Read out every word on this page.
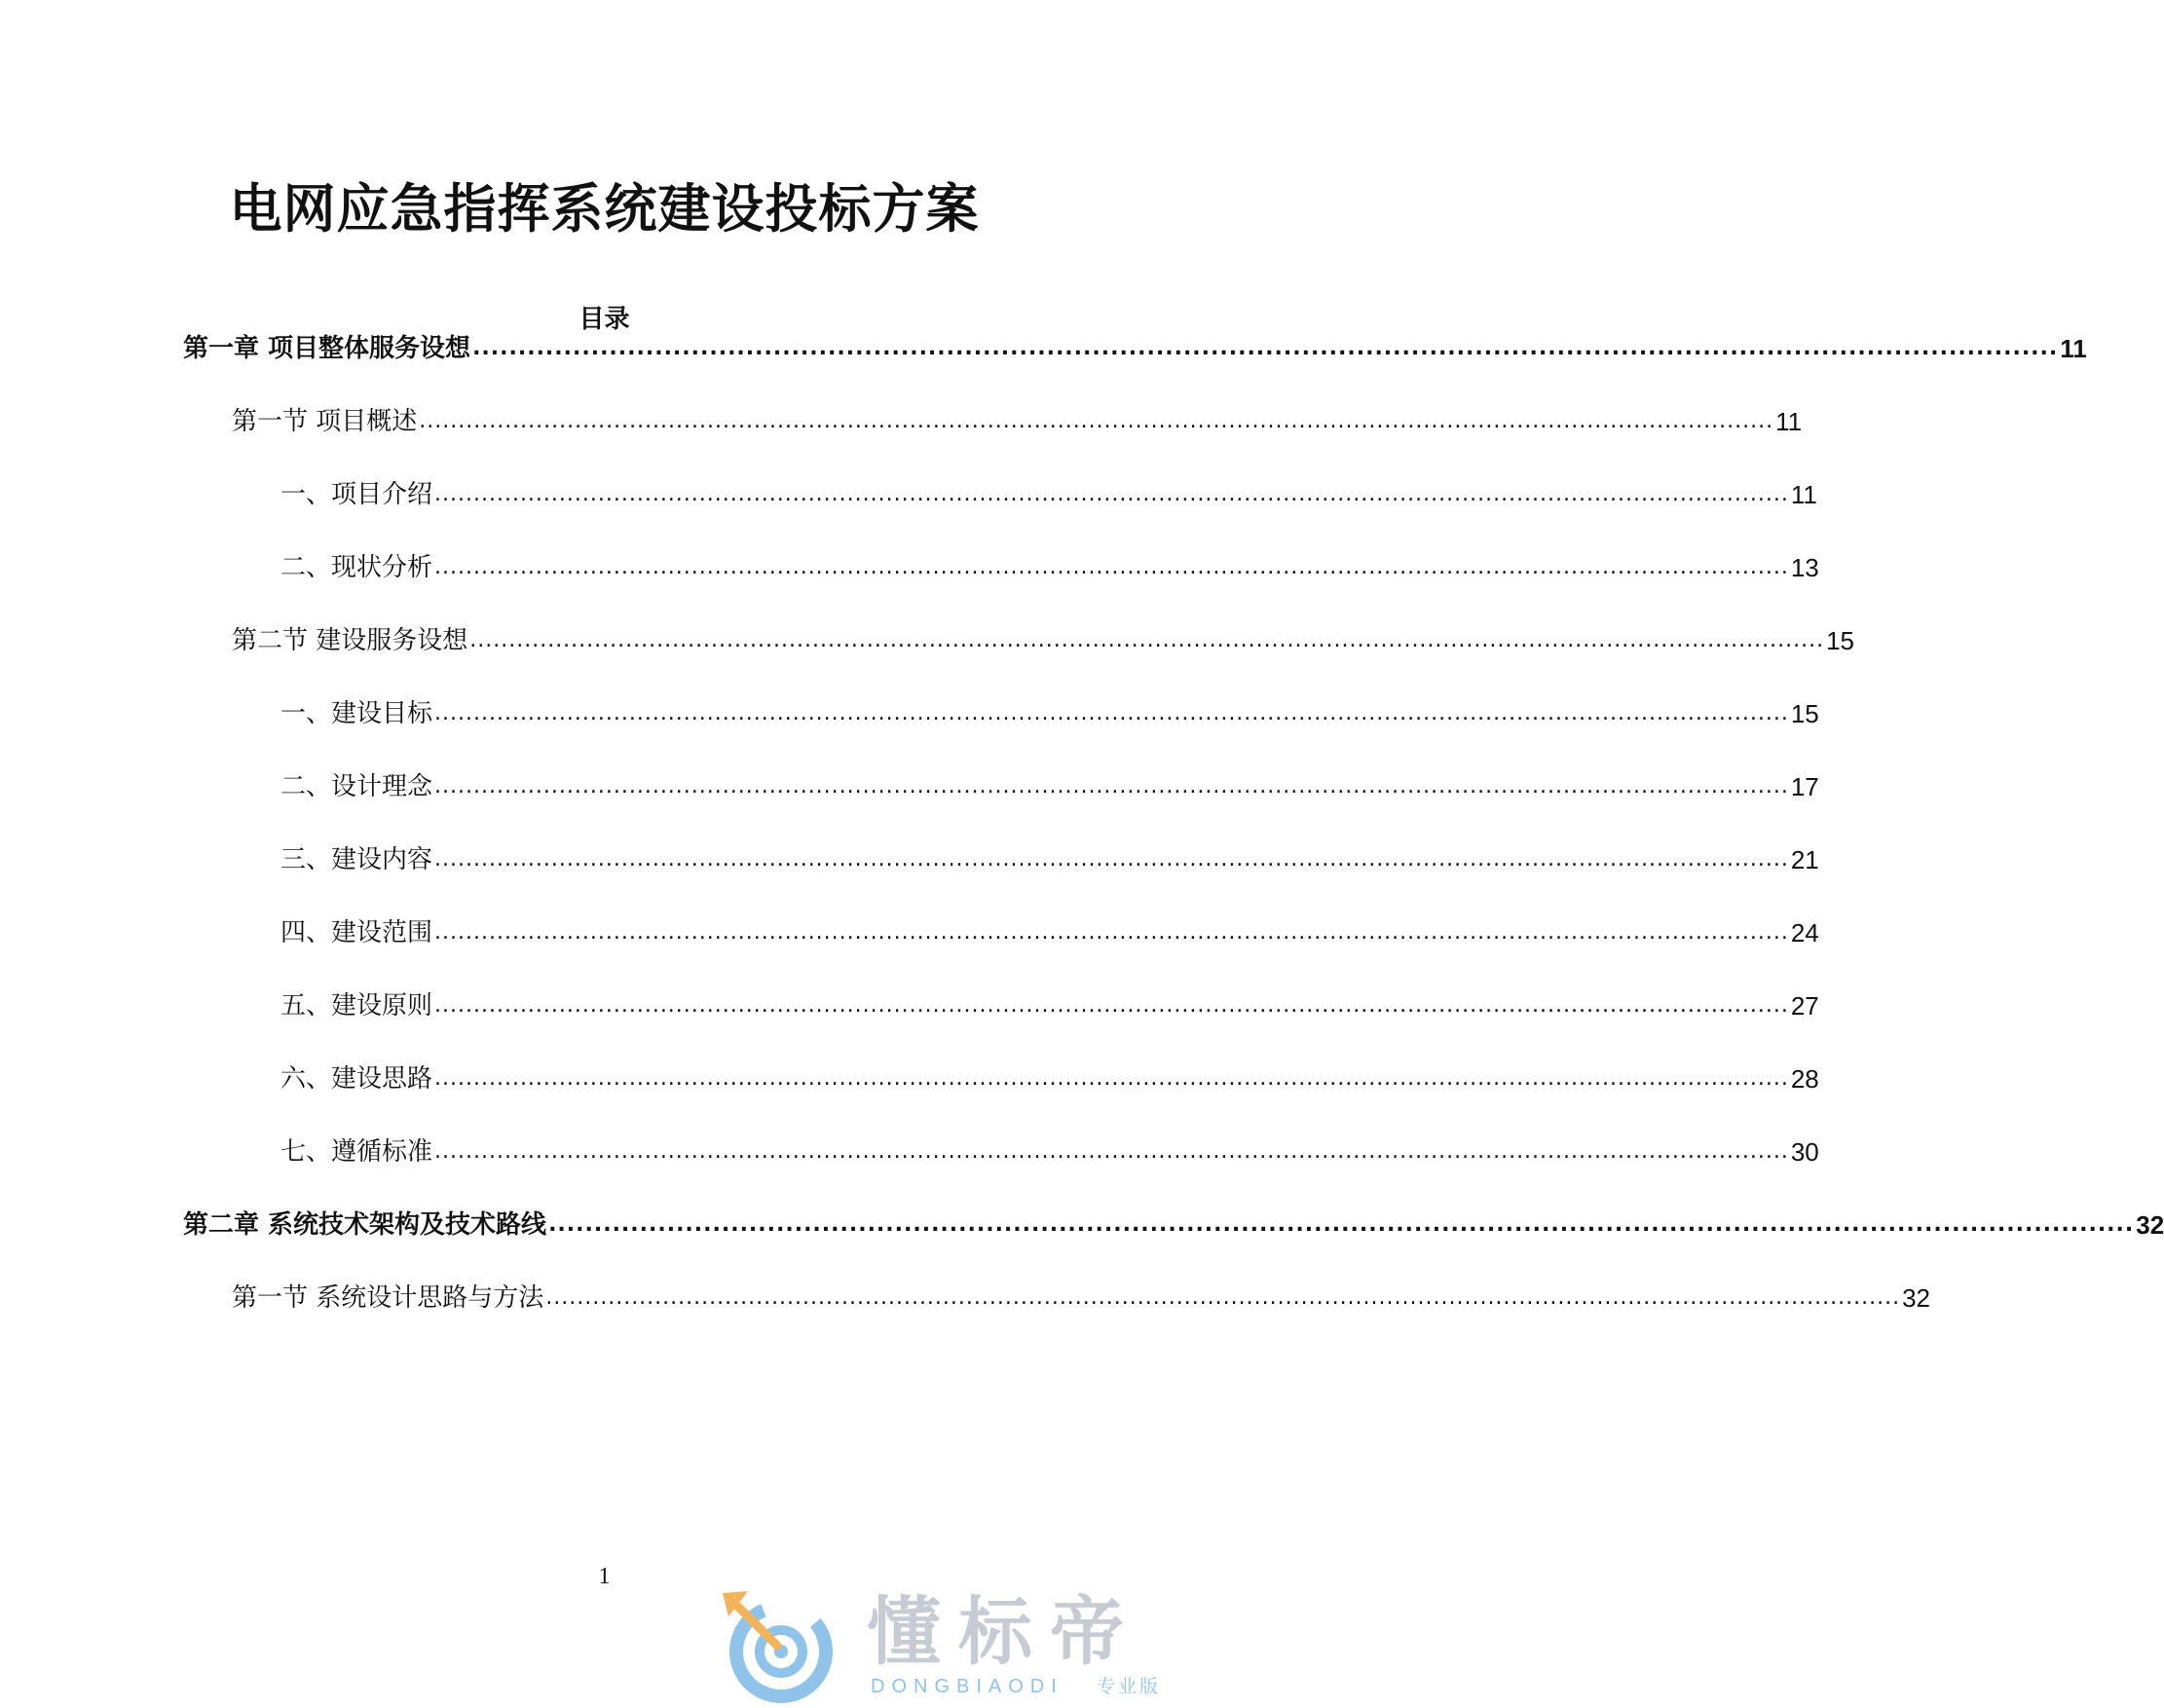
电网应急指挥系统建设投标方案
目录
第一章 项目整体服务设想 .............................................................................................................................................................................. 11
第一节 项目概述 .............................................................................................................................................................................. 11
一、项目介绍 .............................................................................................................................................................................. 11
二、现状分析 .............................................................................................................................................................................. 13
第二节 建设服务设想 .............................................................................................................................................................................. 15
一、建设目标 .............................................................................................................................................................................. 15
二、设计理念 .............................................................................................................................................................................. 17
三、建设内容 .............................................................................................................................................................................. 21
四、建设范围 .............................................................................................................................................................................. 24
五、建设原则 .............................................................................................................................................................................. 27
六、建设思路 .............................................................................................................................................................................. 28
七、遵循标准 .............................................................................................................................................................................. 30
第二章 系统技术架构及技术路线 .............................................................................................................................................................................. 32
第一节 系统设计思路与方法 .............................................................................................................................................................................. 32
1
懂标帝
DONGBIAODI 专业版
